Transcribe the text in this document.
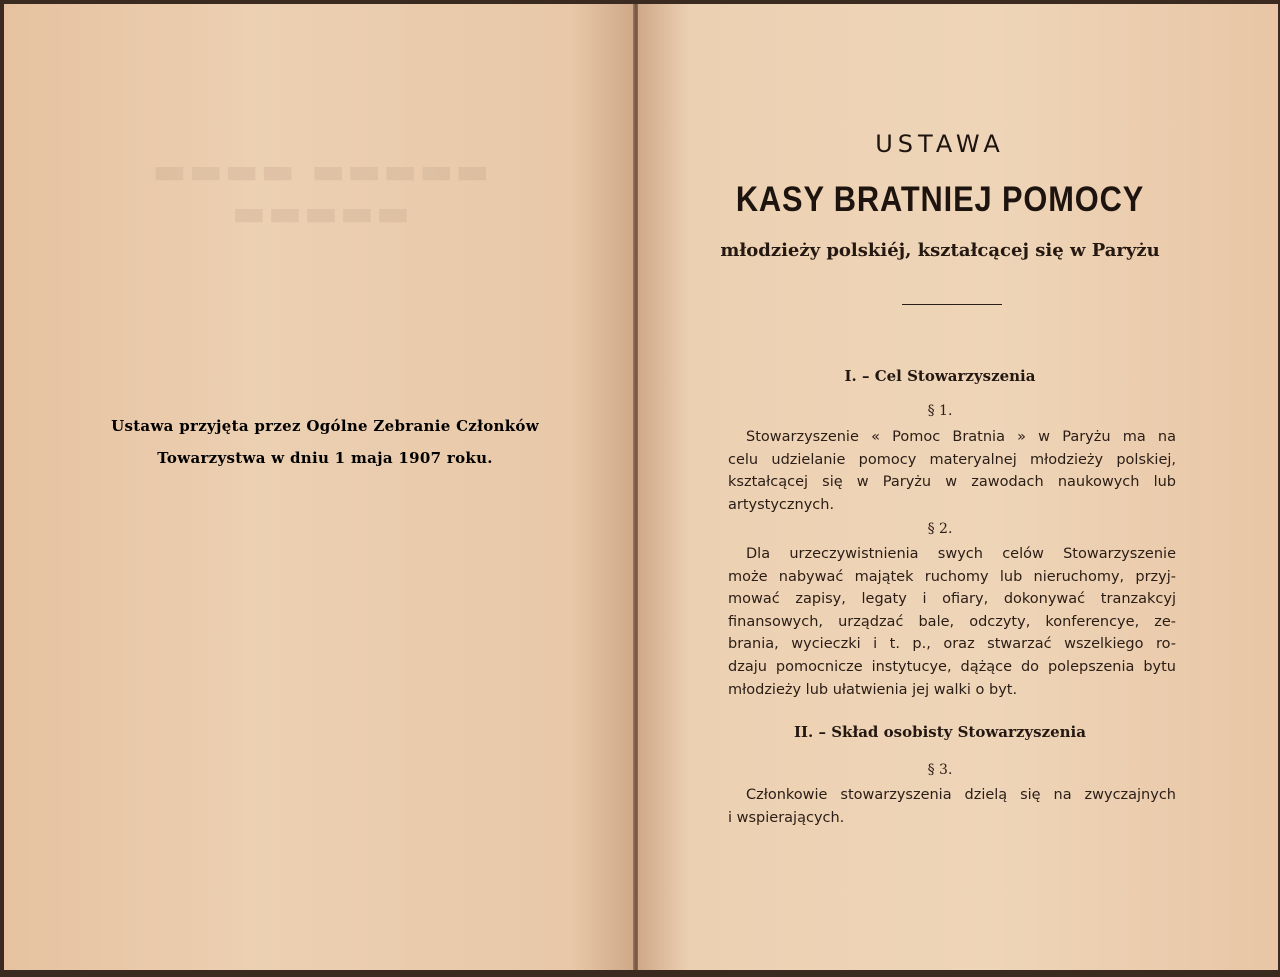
▬▬▬▬▬ ▬▬▬▬ ▬▬▬▬▬
Ustawa przyjęta przez Ogólne Zebranie Członków
Towarzystwa w dniu 1 maja 1907 roku.
USTAWA
KASY BRATNIEJ POMOCY
młodzieży polskiéj, kształcącej się w Paryżu
I. – Cel Stowarzyszenia
§ 1.
Stowarzyszenie « Pomoc Bratnia » w Paryżu ma na
celu udzielanie pomocy materyalnej młodzieży polskiej,
kształcącej się w Paryżu w zawodach naukowych lub
artystycznych.
§ 2.
Dla urzeczywistnienia swych celów Stowarzyszenie
może nabywać majątek ruchomy lub nieruchomy, przyj-
mować zapisy, legaty i ofiary, dokonywać tranzakcyj
finansowych, urządzać bale, odczyty, konferencye, ze-
brania, wycieczki i t. p., oraz stwarzać wszelkiego ro-
dzaju pomocnicze instytucye, dążące do polepszenia bytu
młodzieży lub ułatwienia jej walki o byt.
II. – Skład osobisty Stowarzyszenia
§ 3.
Członkowie stowarzyszenia dzielą się na zwyczajnych
i wspierających.
